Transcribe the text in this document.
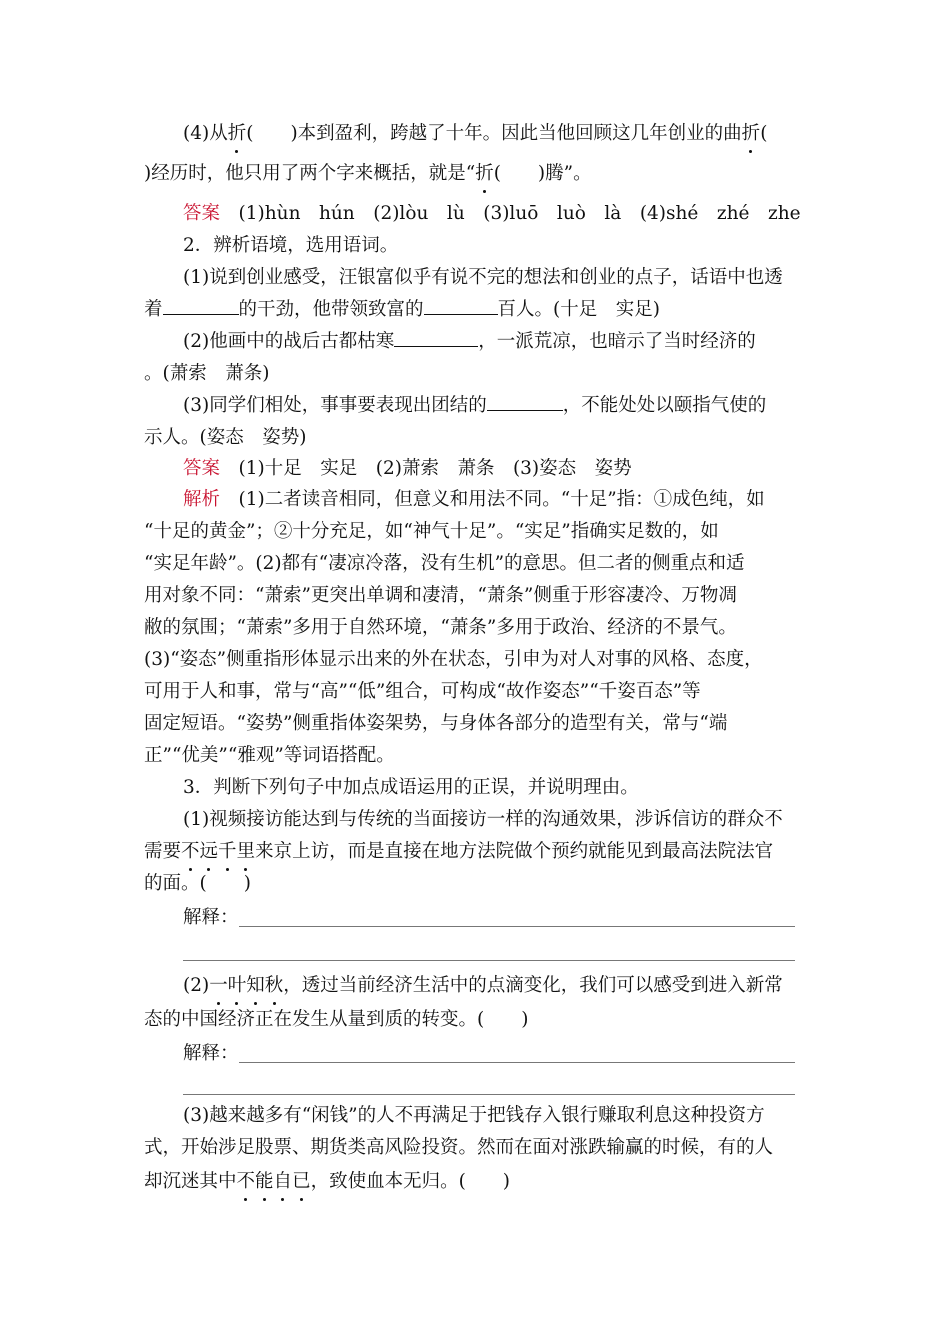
(4)从折(　　)本到盈利，跨越了十年。因此当他回顾这几年创业的曲折(
)经历时，他只用了两个字来概括，就是“折(　　)腾”。
答案　 (1)hùn　hún　(2)lòu　lù　(3)luō　luò　là　(4)shé　zhé　zhe
2．辨析语境，选用语词。
(1)说到创业感受，汪银富似乎有说不完的想法和创业的点子，话语中也透
着	的干劲，他带领致富的	百人。(十足　实足)
(2)他画中的战后古都枯寒	，一派荒凉，也暗示了当时经济的
。(萧索　萧条)
(3)同学们相处，事事要表现出团结的	，不能处处以颐指气使的
示人。(姿态　姿势)
答案　 (1)十足　实足　(2)萧索　萧条　(3)姿态　姿势
解析　 (1)二者读音相同，但意义和用法不同。“十足”指：①成色纯，如
“十足的黄金”；②十分充足，如“神气十足”。“实足”指确实足数的，如
“实足年龄”。(2)都有“凄凉冷落，没有生机”的意思。但二者的侧重点和适
用对象不同：“萧索”更突出单调和凄清，“萧条”侧重于形容凄冷、万物凋
敝的氛围；“萧索”多用于自然环境，“萧条”多用于政治、经济的不景气。
(3)“姿态”侧重指形体显示出来的外在状态，引申为对人对事的风格、态度，
可用于人和事，常与“高”“低”组合，可构成“故作姿态”“千姿百态”等
固定短语。“姿势”侧重指体姿架势，与身体各部分的造型有关，常与“端
正”“优美”“雅观”等词语搭配。
3．判断下列句子中加点成语运用的正误，并说明理由。
(1)视频接访能达到与传统的当面接访一样的沟通效果，涉诉信访的群众不
需要不远千里来京上访，而是直接在地方法院做个预约就能见到最高法院法官
的面。(　　)
解释：
(2)一叶知秋，透过当前经济生活中的点滴变化，我们可以感受到进入新常
态的中国经济正在发生从量到质的转变。(　　)
解释：
(3)越来越多有“闲钱”的人不再满足于把钱存入银行赚取利息这种投资方
式，开始涉足股票、期货类高风险投资。然而在面对涨跌输赢的时候，有的人
却沉迷其中不能自已，致使血本无归。(　　)
